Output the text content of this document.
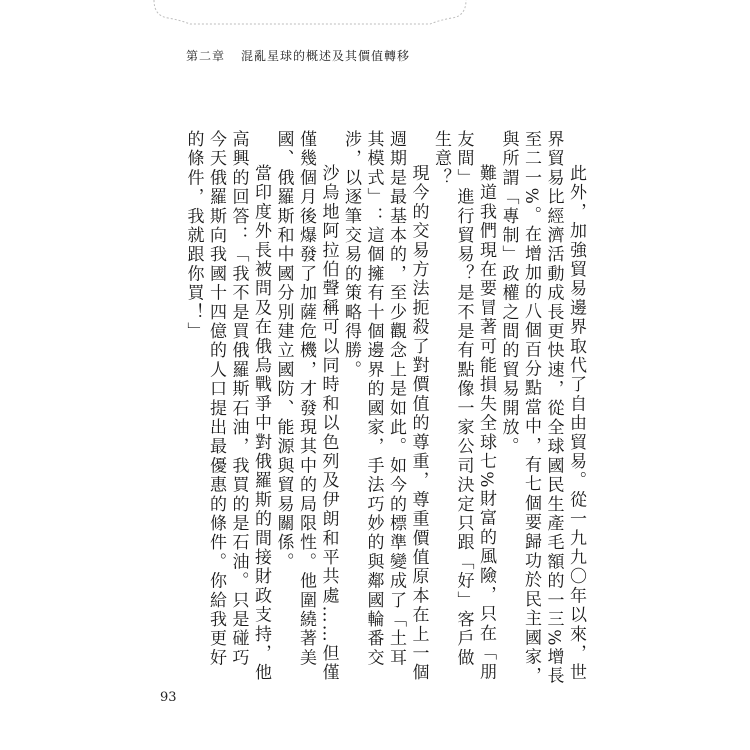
第二章 混亂星球的概述及其價值轉移

此外，加強貿易邊界取代了自由貿易。從一九九〇年以來，世界貿易比經濟活動成長更快速，從全球國民生產毛額的一三%增長至二一%。在增加的八個百分點當中，有七個要歸功於民主國家，與所謂「專制」政權之間的貿易開放。

難道我們現在要冒著可能損失全球七%財富的風險，只在「朋友間」進行貿易？是不是有點像一家公司決定只跟「好」客戶做生意？

現今的交易方法扼殺了對價值的尊重，尊重價值原本在上一個週期是最基本的，至少觀念上是如此。如今的標準變成了「土耳其模式」：這個擁有十個邊界的國家，手法巧妙的與鄰國輪番交涉，以逐筆交易的策略得勝。

沙烏地阿拉伯聲稱可以同時和以色列及伊朗和平共處……但僅僅幾個月後爆發了加薩危機，才發現其中的局限性。他圍繞著美國、俄羅斯和中國分別建立國防、能源與貿易關係。

當印度外長被問及在俄烏戰爭中對俄羅斯的間接財政支持，他高興的回答：「我不是買俄羅斯石油，我買的是石油。只是碰巧今天俄羅斯向我國十四億的人口提出最優惠的條件。你給我更好的條件，我就跟你買！」

93
